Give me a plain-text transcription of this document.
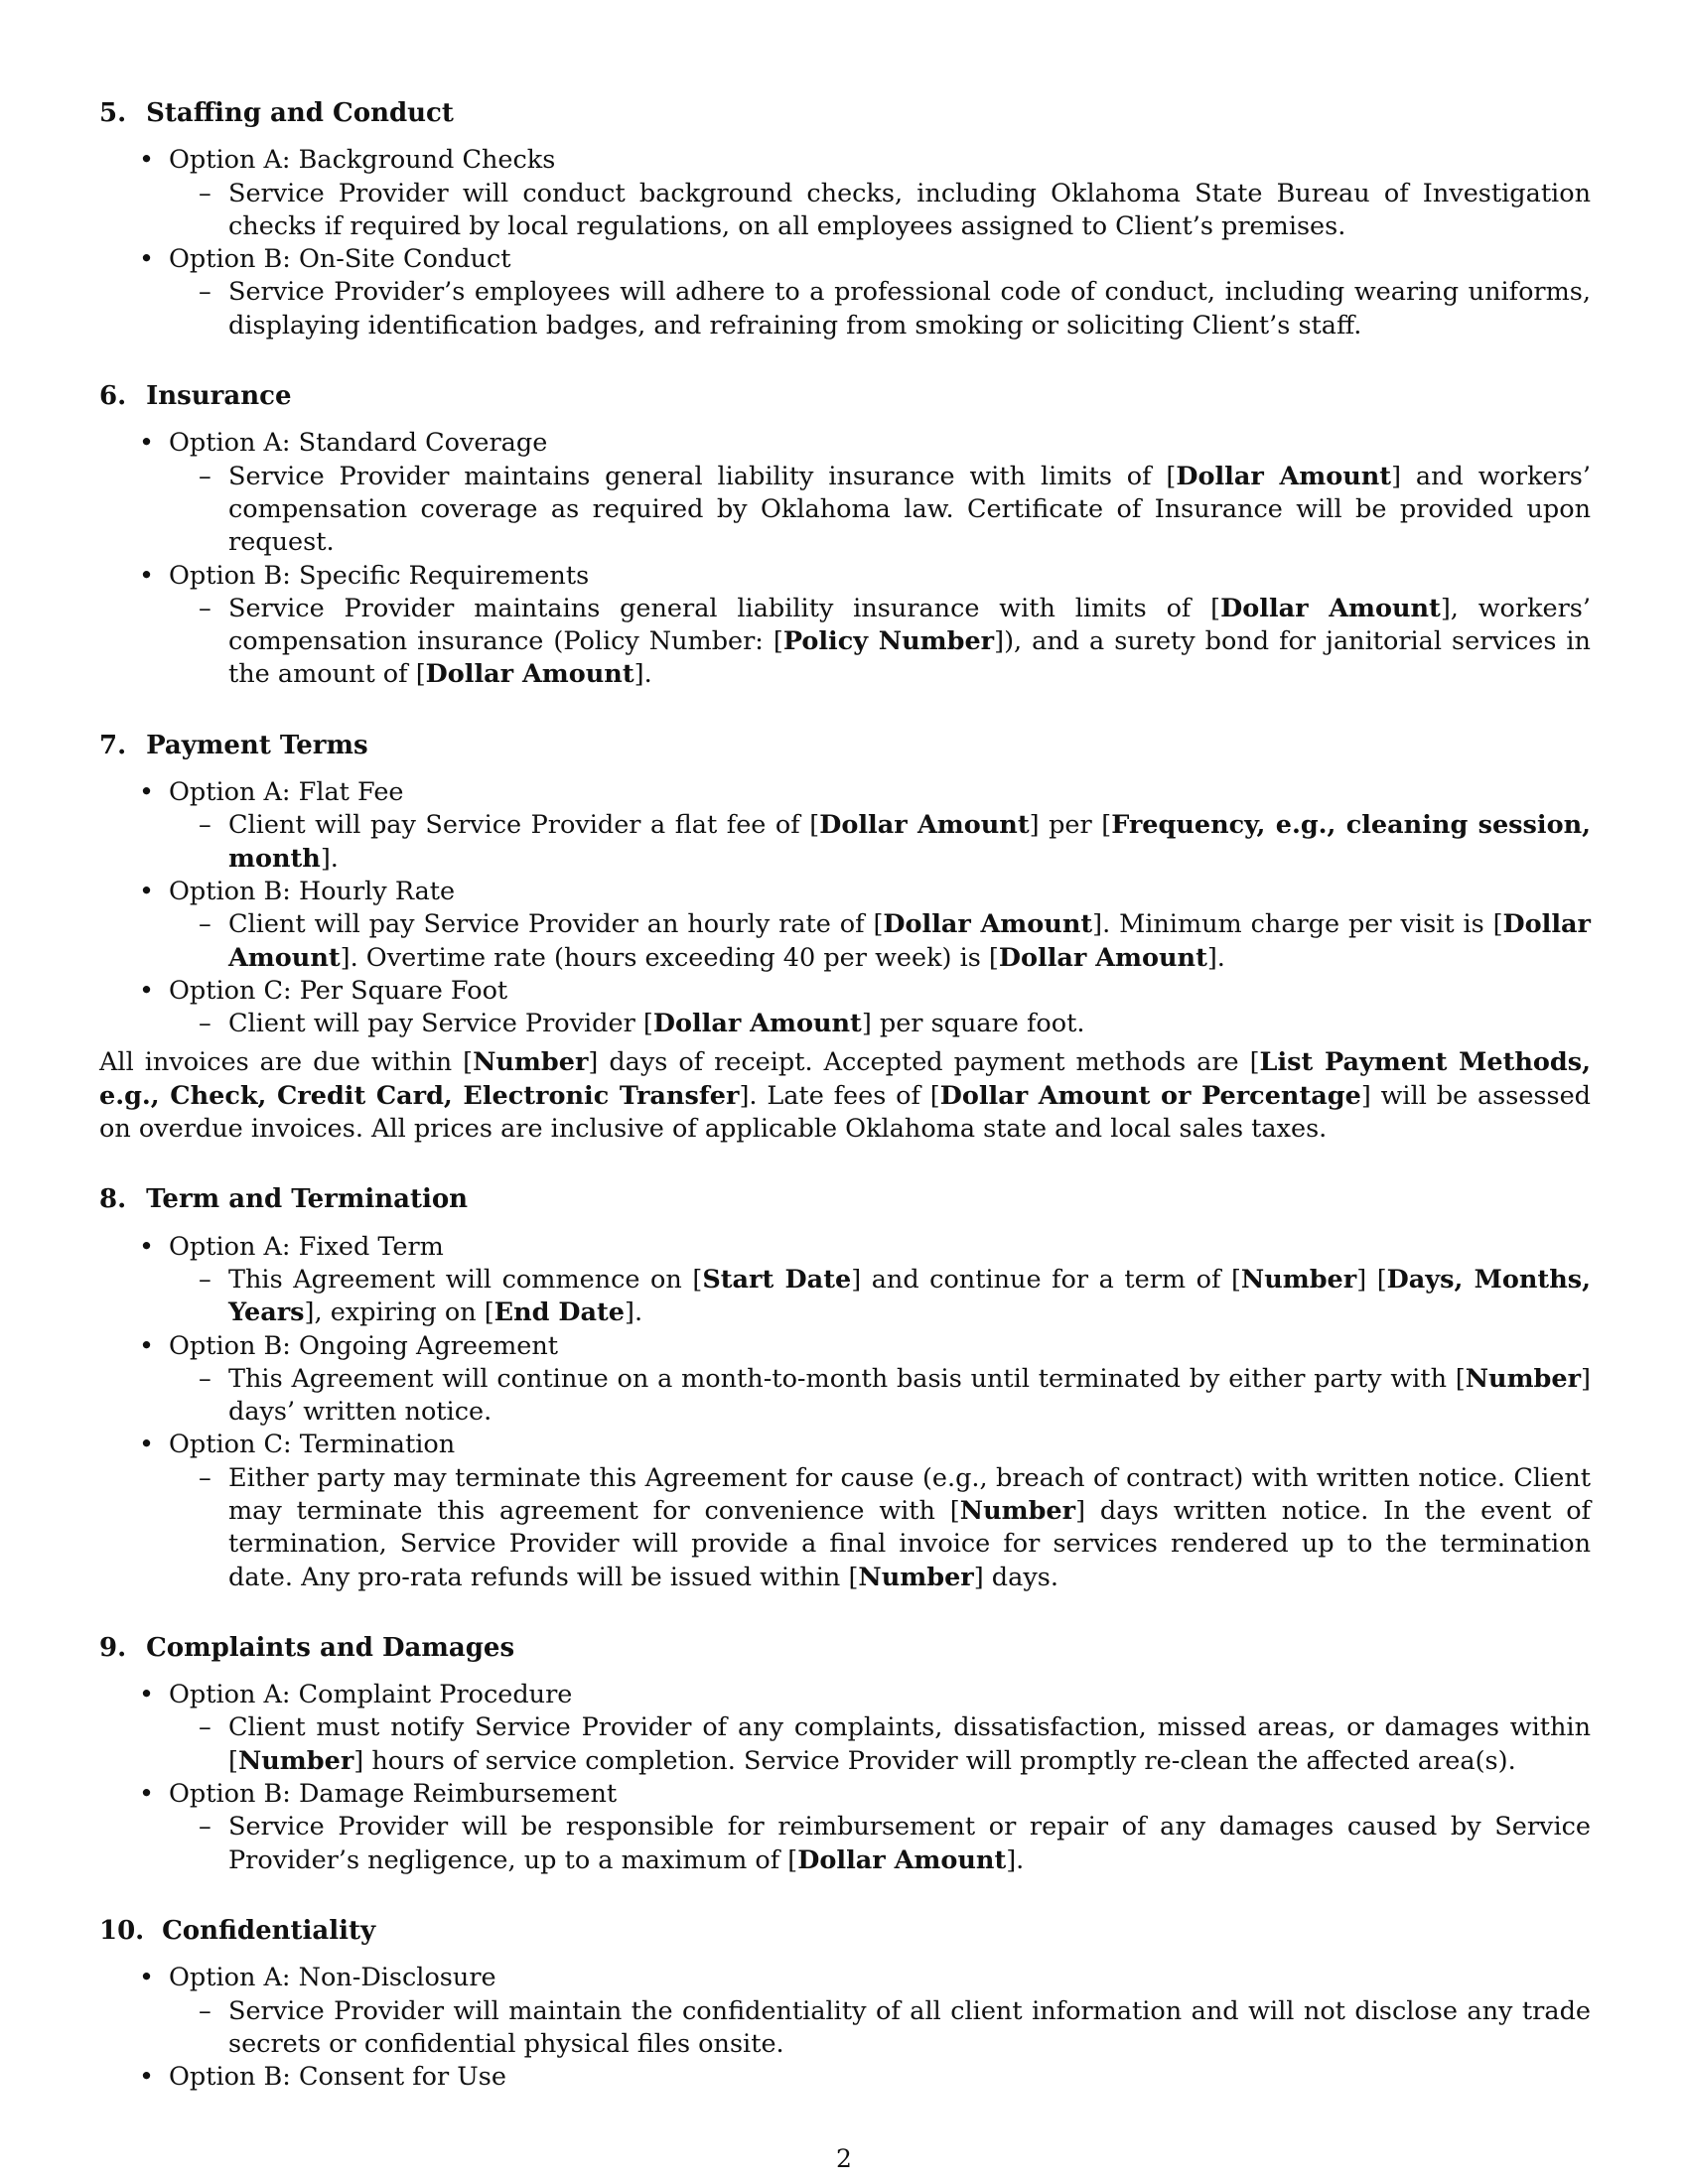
5. Staffing and Conduct
• Option A: Background Checks
– Service Provider will conduct background checks, including Oklahoma State Bureau of Investigation checks if required by local regulations, on all employees assigned to Client’s premises.
• Option B: On-Site Conduct
– Service Provider’s employees will adhere to a professional code of conduct, including wearing uniforms, displaying identification badges, and refraining from smoking or soliciting Client’s staff.
6. Insurance
• Option A: Standard Coverage
– Service Provider maintains general liability insurance with limits of [Dollar Amount] and workers’ compensation coverage as required by Oklahoma law. Certificate of Insurance will be provided upon request.
• Option B: Specific Requirements
– Service Provider maintains general liability insurance with limits of [Dollar Amount], workers’ compensation insurance (Policy Number: [Policy Number]), and a surety bond for janitorial services in the amount of [Dollar Amount].
7. Payment Terms
• Option A: Flat Fee
– Client will pay Service Provider a flat fee of [Dollar Amount] per [Frequency, e.g., cleaning session, month].
• Option B: Hourly Rate
– Client will pay Service Provider an hourly rate of [Dollar Amount]. Minimum charge per visit is [Dollar Amount]. Overtime rate (hours exceeding 40 per week) is [Dollar Amount].
• Option C: Per Square Foot
– Client will pay Service Provider [Dollar Amount] per square foot.
All invoices are due within [Number] days of receipt. Accepted payment methods are [List Payment Methods, e.g., Check, Credit Card, Electronic Transfer]. Late fees of [Dollar Amount or Percentage] will be assessed on overdue invoices. All prices are inclusive of applicable Oklahoma state and local sales taxes.
8. Term and Termination
• Option A: Fixed Term
– This Agreement will commence on [Start Date] and continue for a term of [Number] [Days, Months, Years], expiring on [End Date].
• Option B: Ongoing Agreement
– This Agreement will continue on a month-to-month basis until terminated by either party with [Number] days’ written notice.
• Option C: Termination
– Either party may terminate this Agreement for cause (e.g., breach of contract) with written notice. Client may terminate this agreement for convenience with [Number] days written notice. In the event of termination, Service Provider will provide a final invoice for services rendered up to the termination date. Any pro-rata refunds will be issued within [Number] days.
9. Complaints and Damages
• Option A: Complaint Procedure
– Client must notify Service Provider of any complaints, dissatisfaction, missed areas, or damages within [Number] hours of service completion. Service Provider will promptly re-clean the affected area(s).
• Option B: Damage Reimbursement
– Service Provider will be responsible for reimbursement or repair of any damages caused by Service Provider’s negligence, up to a maximum of [Dollar Amount].
10. Confidentiality
• Option A: Non-Disclosure
– Service Provider will maintain the confidentiality of all client information and will not disclose any trade secrets or confidential physical files onsite.
• Option B: Consent for Use
2
